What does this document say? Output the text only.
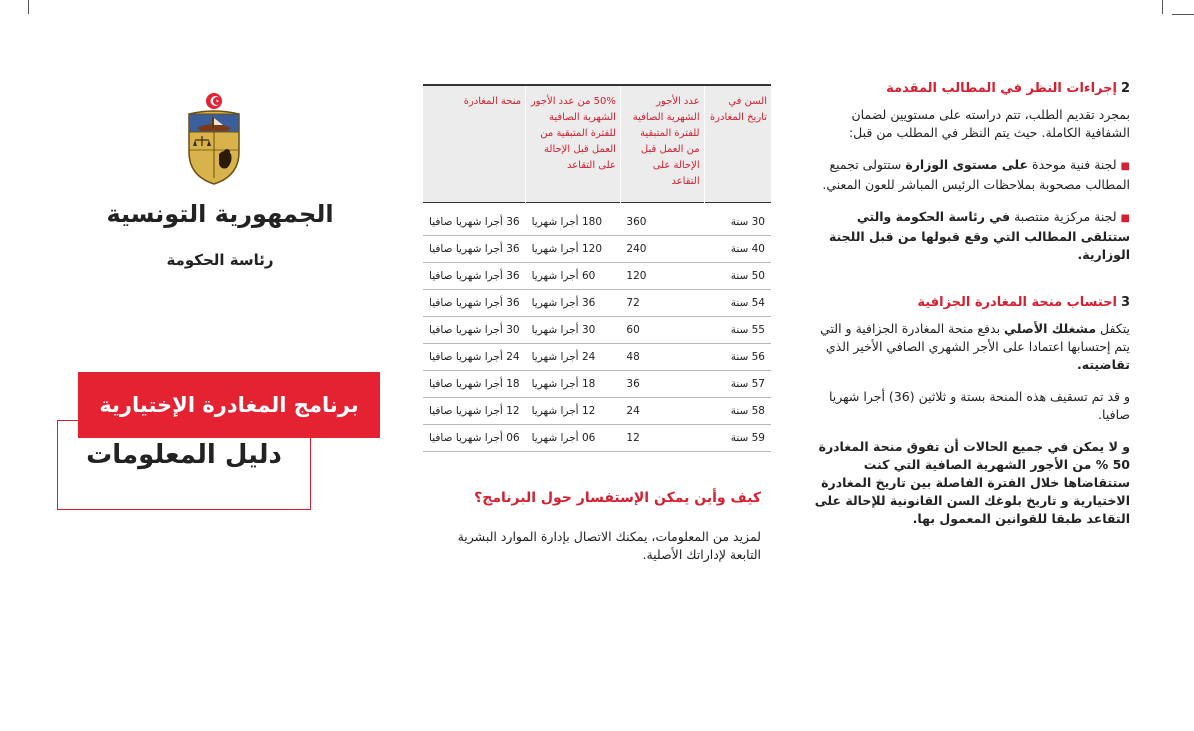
الجمهورية التونسية
رئاسة الحكومة
برنامج المغادرة الإختيارية
دليل المعلومات
السن في تاريخ المغادرة	عدد الأجور الشهرية الصافية للفترة المتبقية من العمل قبل الإحالة على التقاعد	50% من عدد الأجور الشهرية الصافية للفترة المتبقية من العمل قبل الإحالة على التقاعد	منحة المغادرة

30 سنة	360	180 أجرا شهريا	36 أجرا شهريا صافيا
40 سنة	240	120 أجرا شهريا	36 أجرا شهريا صافيا
50 سنة	120	60 أجرا شهريا	36 أجرا شهريا صافيا
54 سنة	72	36 أجرا شهريا	36 أجرا شهريا صافيا
55 سنة	60	30 أجرا شهريا	30 أجرا شهريا صافيا
56 سنة	48	24 أجرا شهريا	24 أجرا شهريا صافيا
57 سنة	36	18 أجرا شهريا	18 أجرا شهريا صافيا
58 سنة	24	12 أجرا شهريا	12 أجرا شهريا صافيا
59 سنة	12	06 أجرا شهريا	06 أجرا شهريا صافيا
كيف وأين يمكن الإستفسار حول البرنامج؟
لمزيد من المعلومات، يمكنك الاتصال بإدارة الموارد البشرية التابعة لإداراتك الأصلية.
2إجراءات النظر في المطالب المقدمة

بمجرد تقديم الطلب، تتم دراسته على مستويين لضمان الشفافية الكاملة. حيث يتم النظر في المطلب من قبل:

■لجنة فنية موحدة على مستوى الوزارة ستتولى تجميع المطالب مصحوبة بملاحظات الرئيس المباشر للعون المعني.

■لجنة مركزية منتصبة في رئاسة الحكومة والتي ستتلقى المطالب التي وقع قبولها من قبل اللجنة الوزارية.

3احتساب منحة المغادرة الجزافية

يتكفل مشغلك الأصلي بدفع منحة المغادرة الجزافية و التي يتم إحتسابها اعتمادا على الأجر الشهري الصافي الأخير الذي تقاضيته.

و قد تم تسقيف هذه المنحة بستة و ثلاثين (36) أجرا شهريا صافيا.

و لا يمكن في جميع الحالات أن تفوق منحة المغادرة 50 % من الأجور الشهرية الصافية التي كنت ستتقاضاها خلال الفترة الفاصلة بين تاريخ المغادرة الاختيارية و تاريخ بلوغك السن القانونية للإحالة على التقاعد طبقا للقوانين المعمول بها.
